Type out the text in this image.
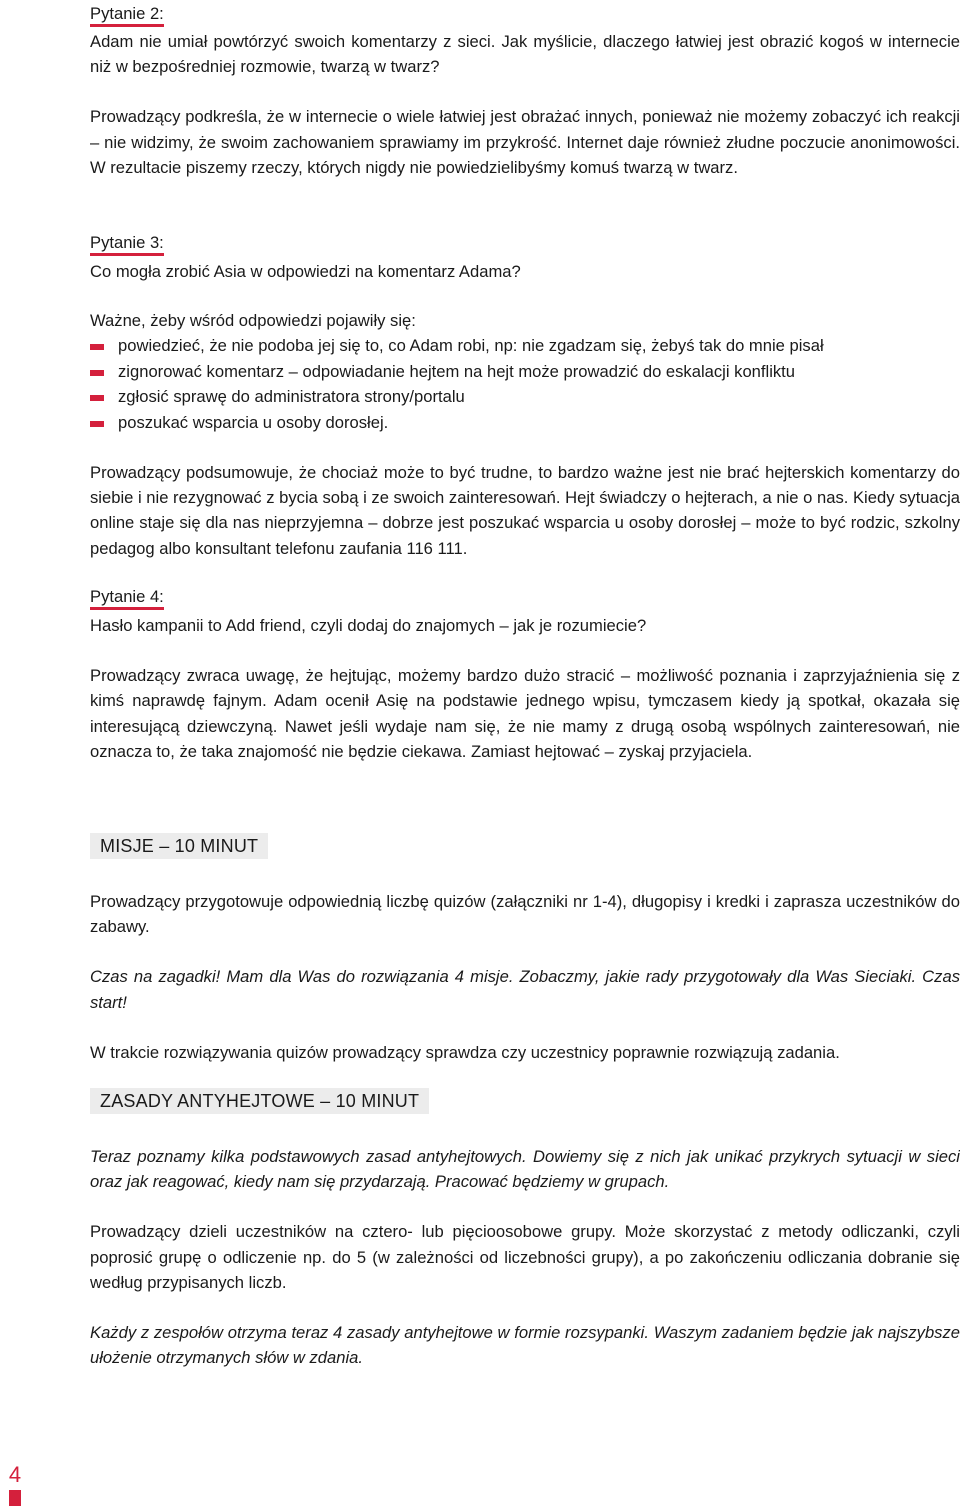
Pytanie 2:

Adam nie umiał powtórzyć swoich komentarzy z sieci. Jak myślicie, dlaczego łatwiej jest obrazić kogoś w internecie niż w bezpośredniej rozmowie, twarzą w twarz?

Prowadzący podkreśla, że w internecie o wiele łatwiej jest obrażać innych, ponieważ nie możemy zobaczyć ich reakcji – nie widzimy, że swoim zachowaniem sprawiamy im przykrość. Internet daje również złudne poczucie anonimowości. W rezultacie piszemy rzeczy, których nigdy nie powiedzielibyśmy komuś twarzą w twarz.

Pytanie 3:

Co mogła zrobić Asia w odpowiedzi na komentarz Adama?

Ważne, żeby wśród odpowiedzi pojawiły się:

powiedzieć, że nie podoba jej się to, co Adam robi, np: nie zgadzam się, żebyś tak do mnie pisał
zignorować komentarz – odpowiadanie hejtem na hejt może prowadzić do eskalacji konfliktu
zgłosić sprawę do administratora strony/portalu
poszukać wsparcia u osoby dorosłej.

Prowadzący podsumowuje, że chociaż może to być trudne, to bardzo ważne jest nie brać hejterskich komentarzy do siebie i nie rezygnować z bycia sobą i ze swoich zainteresowań. Hejt świadczy o hejterach, a nie o nas. Kiedy sytuacja online staje się dla nas nieprzyjemna – dobrze jest poszukać wsparcia u osoby dorosłej – może to być rodzic, szkolny pedagog albo konsultant telefonu zaufania 116 111.

Pytanie 4:

Hasło kampanii to Add friend, czyli dodaj do znajomych – jak je rozumiecie?

Prowadzący zwraca uwagę, że hejtując, możemy bardzo dużo stracić – możliwość poznania i zaprzyjaźnienia się z kimś naprawdę fajnym. Adam ocenił Asię na podstawie jednego wpisu, tymczasem kiedy ją spotkał, okazała się interesującą dziewczyną. Nawet jeśli wydaje nam się, że nie mamy z drugą osobą wspólnych zainteresowań, nie oznacza to, że taka znajomość nie będzie ciekawa. Zamiast hejtować – zyskaj przyjaciela.

MISJE – 10 MINUT

Prowadzący przygotowuje odpowiednią liczbę quizów (załączniki nr 1-4), długopisy i kredki i zaprasza uczestników do zabawy.

Czas na zagadki! Mam dla Was do rozwiązania 4 misje. Zobaczmy, jakie rady przygotowały dla Was Sieciaki. Czas start!

W trakcie rozwiązywania quizów prowadzący sprawdza czy uczestnicy poprawnie rozwiązują zadania.

ZASADY ANTYHEJTOWE – 10 MINUT

Teraz poznamy kilka podstawowych zasad antyhejtowych. Dowiemy się z nich jak unikać przykrych sytuacji w sieci oraz jak reagować, kiedy nam się przydarzają. Pracować będziemy w grupach.

Prowadzący dzieli uczestników na cztero- lub pięcioosobowe grupy. Może skorzystać z metody odliczanki, czyli poprosić grupę o odliczenie np. do 5 (w zależności od liczebności grupy), a po zakończeniu odliczania dobranie się według przypisanych liczb.

Każdy z zespołów otrzyma teraz 4 zasady antyhejtowe w formie rozsypanki. Waszym zadaniem będzie jak najszybsze ułożenie otrzymanych słów w zdania.

4
